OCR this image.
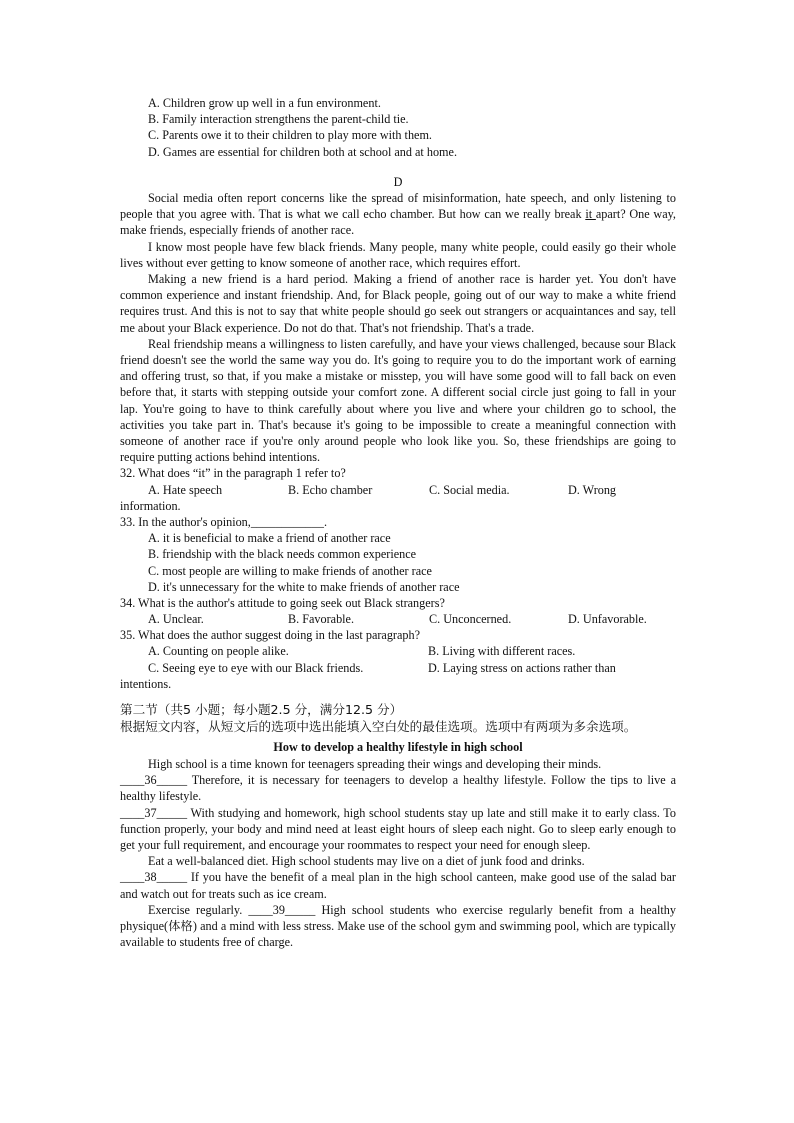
A. Children grow up well in a fun environment.
B. Family interaction strengthens the parent-child tie.
C. Parents owe it to their children to play more with them.
D. Games are essential for children both at school and at home.
D
Social media often report concerns like the spread of misinformation, hate speech, and only listening to people that you agree with. That is what we call echo chamber. But how can we really break it apart? One way, make friends, especially friends of another race.
I know most people have few black friends. Many people, many white people, could easily go their whole lives without ever getting to know someone of another race, which requires effort.
Making a new friend is a hard period. Making a friend of another race is harder yet. You don't have common experience and instant friendship. And, for Black people, going out of our way to make a white friend requires trust. And this is not to say that white people should go seek out strangers or acquaintances and say, tell me about your Black experience. Do not do that. That's not friendship. That's a trade.
Real friendship means a willingness to listen carefully, and have your views challenged, because sour Black friend doesn't see the world the same way you do. It's going to require you to do the important work of earning and offering trust, so that, if you make a mistake or misstep, you will have some good will to fall back on even before that, it starts with stepping outside your comfort zone. A different social circle just going to fall in your lap. You're going to have to think carefully about where you live and where your children go to school, the activities you take part in. That's because it's going to be impossible to create a meaningful connection with someone of another race if you're only around people who look like you. So, these friendships are going to require putting actions behind intentions.
32. What does “it” in the paragraph 1 refer to?
A. Hate speech	B. Echo chamber	C. Social media.	D. Wrong
information.
33. In the author's opinion,____________.
A. it is beneficial to make a friend of another race
B. friendship with the black needs common experience
C. most people are willing to make friends of another race
D. it's unnecessary for the white to make friends of another race
34. What is the author's attitude to going seek out Black strangers?
A. Unclear.	B. Favorable.	C. Unconcerned.	D. Unfavorable.
35. What does the author suggest doing in the last paragraph?
A. Counting on people alike.	B. Living with different races.
C. Seeing eye to eye with our Black friends.	D. Laying stress on actions rather than
intentions.
第二节（共5 小题；每小题2.5 分，满分12.5 分）
根据短文内容，从短文后的选项中选出能填入空白处的最佳选项。选项中有两项为多余选项。
How to develop a healthy lifestyle in high school
High school is a time known for teenagers spreading their wings and developing their minds.
____36_____ Therefore, it is necessary for teenagers to develop a healthy lifestyle. Follow the tips to live a healthy lifestyle.
____37_____ With studying and homework, high school students stay up late and still make it to early class. To function properly, your body and mind need at least eight hours of sleep each night. Go to sleep early enough to get your full requirement, and encourage your roommates to respect your need for enough sleep.
Eat a well-balanced diet. High school students may live on a diet of junk food and drinks.
____38_____ If you have the benefit of a meal plan in the high school canteen, make good use of the salad bar and watch out for treats such as ice cream.
Exercise regularly. ____39_____ High school students who exercise regularly benefit from a healthy physique(体格) and a mind with less stress. Make use of the school gym and swimming pool, which are typically available to students free of charge.
